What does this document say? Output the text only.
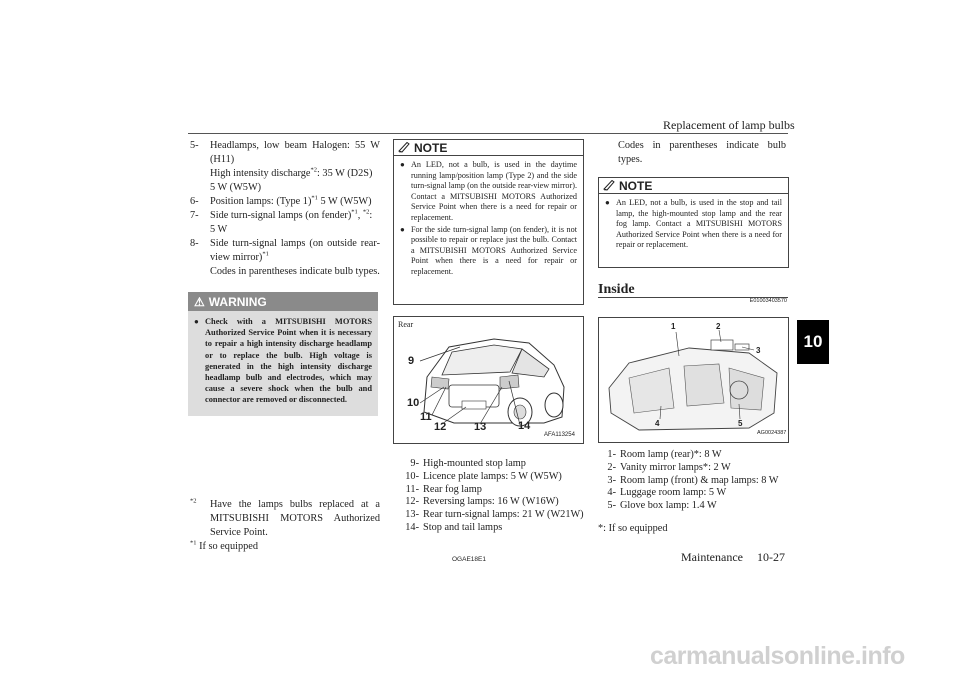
Replacement of lamp bulbs
10
5-	Headlamps, low beam Halogen: 55 W
(H11)
High intensity discharge$^{*2}$: 35 W (D2S)
5 W (W5W)
6-	Position lamps: (Type 1)$^{*1}$ 5 W (W5W)
7-	Side turn-signal lamps (on fender)$^{*1}$, $^{*2}$:
5 W
8-	Side turn-signal lamps (on outside rear-
view mirror)$^{*1}$
Codes in parentheses indicate bulb types.
⚠ WARNING
● Check with a MITSUBISHI MOTORS Authorized Service Point when it is necessary to repair a high intensity discharge headlamp or to replace the bulb. High voltage is generated in the high intensity discharge headlamp bulb and electrodes, which may cause a severe shock when the bulb and connector are removed or disconnected.
$^{*2}$	Have the lamps bulbs replaced at a MITSUBISHI MOTORS Authorized Service Point.
$^{*1}$ If so equipped
NOTE
● An LED, not a bulb, is used in the daytime running lamp/position lamp (Type 2) and the side turn-signal lamp (on the outside rear-view mirror). Contact a MITSUBISHI MOTORS Authorized Service Point when there is a need for repair or replacement.
● For the side turn-signal lamp (on fender), it is not possible to repair or replace just the bulb. Contact a MITSUBISHI MOTORS Authorized Service Point when there is a need for repair or replacement.
Rear
9
10
11
12	13	14
AFA113254
9- High-mounted stop lamp
10- Licence plate lamps: 5 W (W5W)
11- Rear fog lamp
12- Reversing lamps: 16 W (W16W)
13- Rear turn-signal lamps: 21 W (W21W)
14- Stop and tail lamps
Codes in parentheses indicate bulb types.
NOTE
● An LED, not a bulb, is used in the stop and tail lamp, the high-mounted stop lamp and the rear fog lamp. Contact a MITSUBISHI MOTORS Authorized Service Point when there is a need for repair or replacement.
Inside
E01003403570
1	2
3
4	5
AG0024387
1- Room lamp (rear)*: 8 W
2- Vanity mirror lamps*: 2 W
3- Room lamp (front) & map lamps: 8 W
4- Luggage room lamp: 5 W
5- Glove box lamp: 1.4 W
*: If so equipped
OGAE18E1	Maintenance 10-27
carmanualsonline.info
